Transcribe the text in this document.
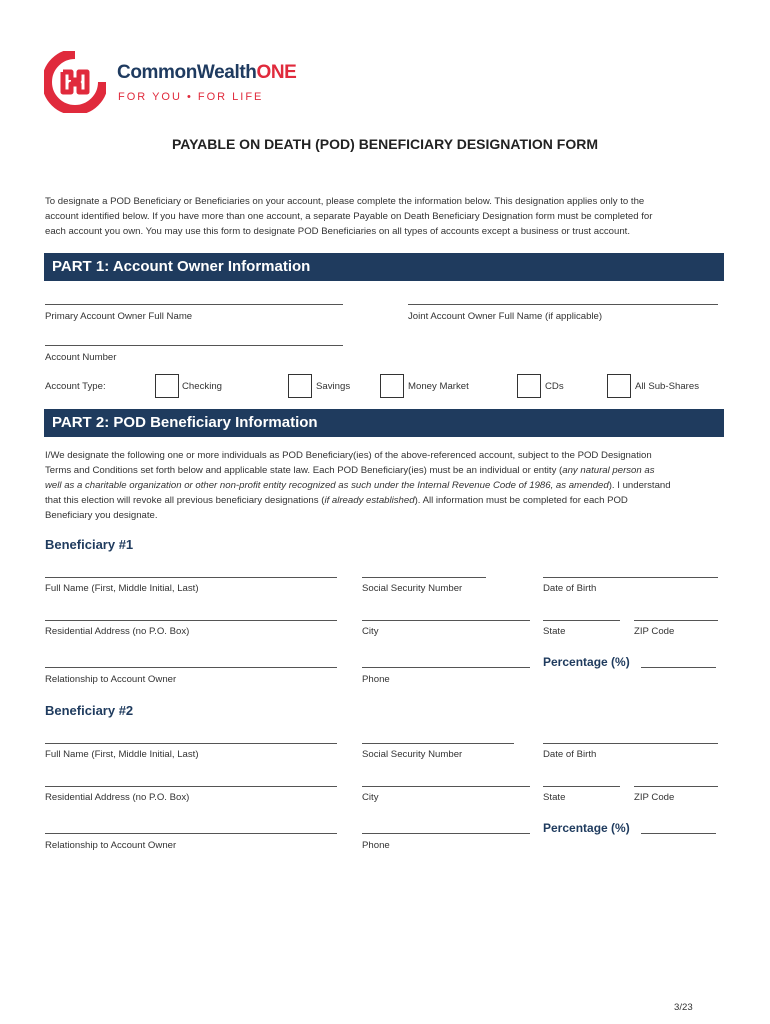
CommonWealthONE
FOR YOU • FOR LIFE
PAYABLE ON DEATH (POD) BENEFICIARY DESIGNATION FORM
To designate a POD Beneficiary or Beneficiaries on your account, please complete the information below. This designation applies only to the
account identified below. If you have more than one account, a separate Payable on Death Beneficiary Designation form must be completed for
each account you own. You may use this form to designate POD Beneficiaries on all types of accounts except a business or trust account.
PART 1: Account Owner Information
Primary Account Owner Full Name	Joint Account Owner Full Name (if applicable)
Account Number
Account Type:	Checking	Savings	Money Market	CDs	All Sub-Shares
PART 2: POD Beneficiary Information
I/We designate the following one or more individuals as POD Beneficiary(ies) of the above-referenced account, subject to the POD Designation
Terms and Conditions set forth below and applicable state law. Each POD Beneficiary(ies) must be an individual or entity (any natural person as
well as a charitable organization or other non-profit entity recognized as such under the Internal Revenue Code of 1986, as amended). I understand
that this election will revoke all previous beneficiary designations (if already established). All information must be completed for each POD
Beneficiary you designate.
Beneficiary #1
Full Name (First, Middle Initial, Last)	Social Security Number	Date of Birth
Residential Address (no P.O. Box)	City	State	ZIP Code
Relationship to Account Owner	Phone
Percentage (%)
Beneficiary #2
Full Name (First, Middle Initial, Last)	Social Security Number	Date of Birth
Residential Address (no P.O. Box)	City	State	ZIP Code
Relationship to Account Owner	Phone
Percentage (%)
3/23
